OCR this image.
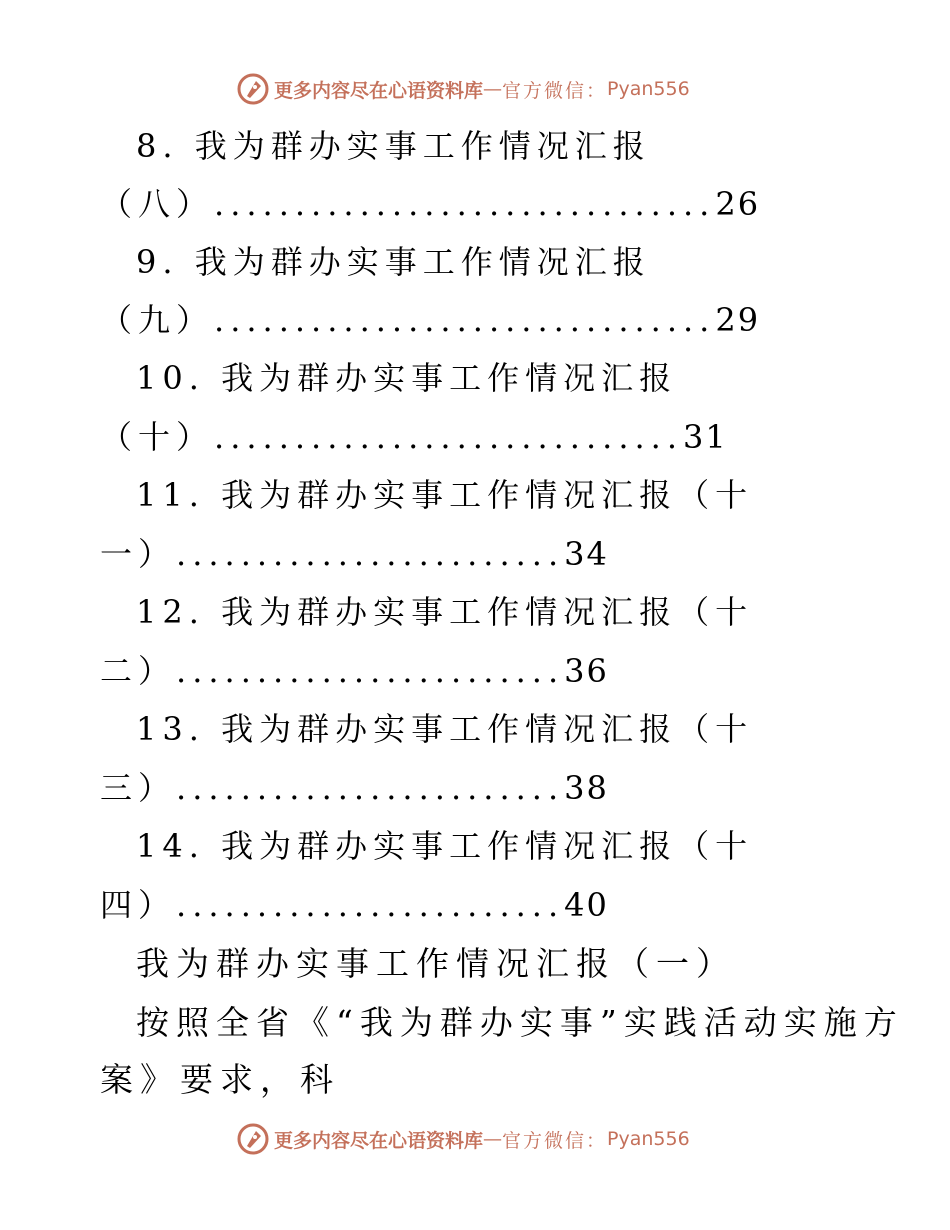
更多内容尽在心语资料库 — 官方微信： Pyan556
8. 我为群办实事工作情况汇报
（八）...............................26
9. 我为群办实事工作情况汇报
（九）...............................29
10. 我为群办实事工作情况汇报
（十）.............................31
11. 我为群办实事工作情况汇报（十
一）........................34
12. 我为群办实事工作情况汇报（十
二）........................36
13. 我为群办实事工作情况汇报（十
三）........................38
14. 我为群办实事工作情况汇报（十
四）........................40
我为群办实事工作情况汇报（一）
按照全省《“我为群办实事”实践活动实施方
案》要求，科
更多内容尽在心语资料库 — 官方微信： Pyan556
